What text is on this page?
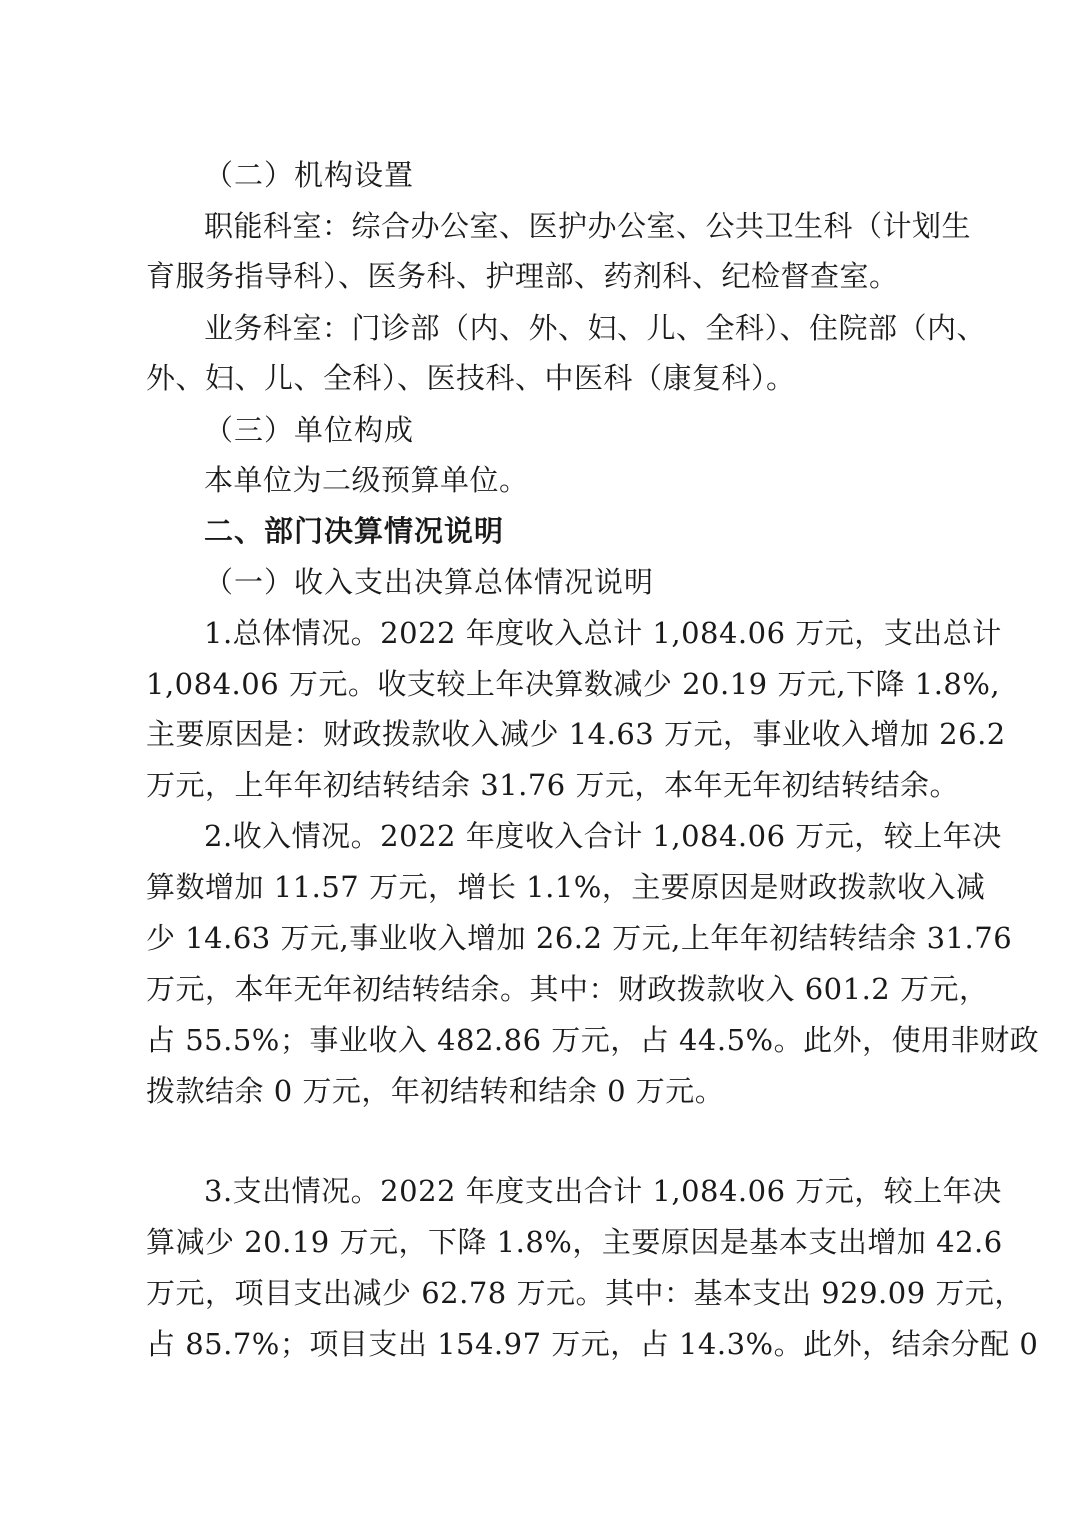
（二）机构设置
职能科室：综合办公室、医护办公室、公共卫生科（计划生
育服务指导科）、医务科、护理部、药剂科、纪检督查室。
业务科室：门诊部（内、外、妇、儿、全科）、住院部（内、
外、妇、儿、全科）、医技科、中医科（康复科）。
（三）单位构成
本单位为二级预算单位。
二、部门决算情况说明
（一）收入支出决算总体情况说明
1.总体情况。2022 年度收入总计 1,084.06 万元，支出总计
1,084.06 万元。收支较上年决算数减少 20.19 万元,下降 1.8%,
主要原因是：财政拨款收入减少 14.63 万元，事业收入增加 26.2
万元，上年年初结转结余 31.76 万元，本年无年初结转结余。
2.收入情况。2022 年度收入合计 1,084.06 万元，较上年决
算数增加 11.57 万元，增长 1.1%，主要原因是财政拨款收入减
少 14.63 万元,事业收入增加 26.2 万元,上年年初结转结余 31.76
万元，本年无年初结转结余。其中：财政拨款收入 601.2 万元，
占 55.5%；事业收入 482.86 万元，占 44.5%。此外，使用非财政
拨款结余 0 万元，年初结转和结余 0 万元。
3.支出情况。2022 年度支出合计 1,084.06 万元，较上年决
算减少 20.19 万元，下降 1.8%，主要原因是基本支出增加 42.6
万元，项目支出减少 62.78 万元。其中：基本支出 929.09 万元，
占 85.7%；项目支出 154.97 万元，占 14.3%。此外，结余分配 0
